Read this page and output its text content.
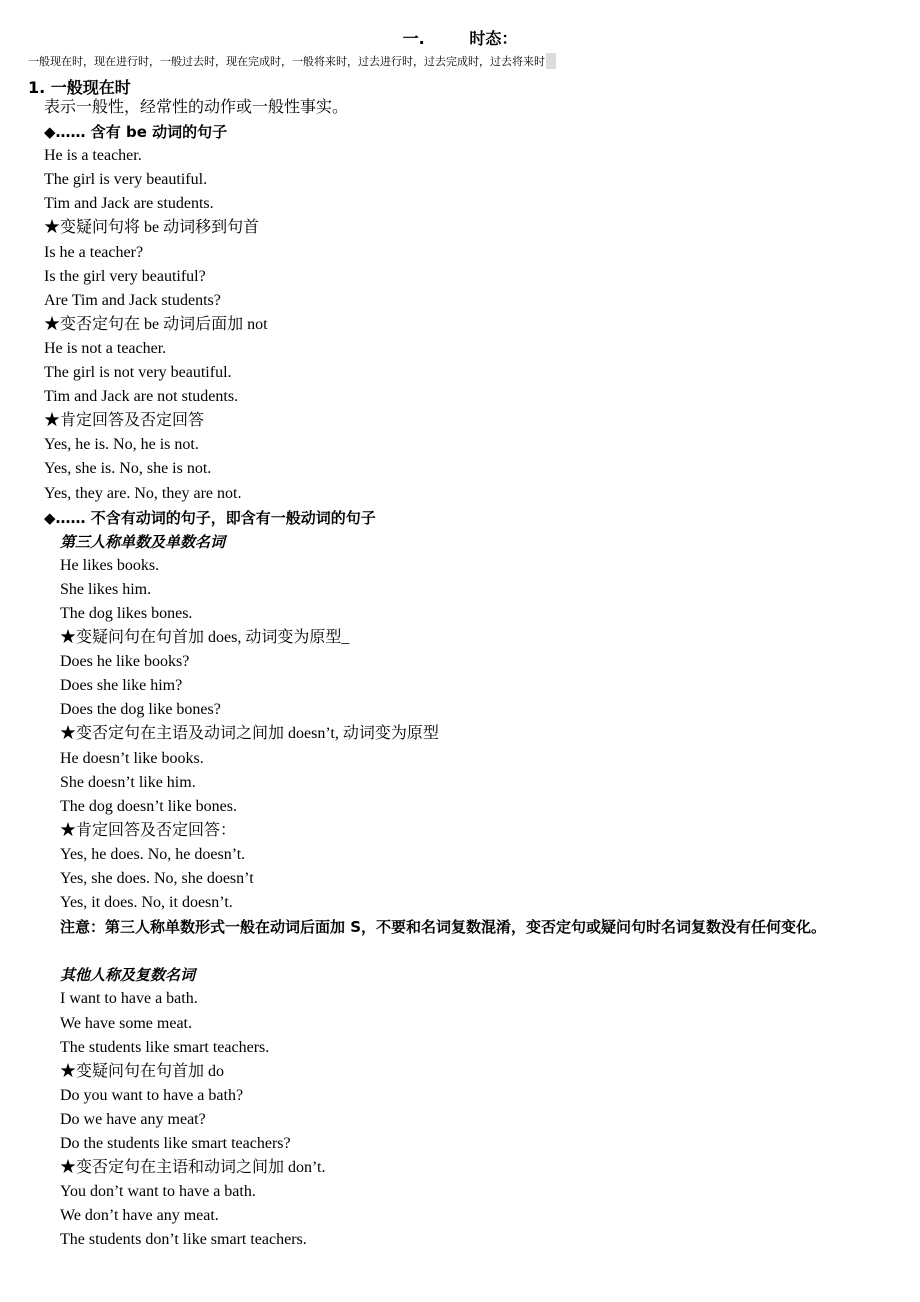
一.        时态：
一般现在时，现在进行时，一般过去时，现在完成时，一般将来时，过去进行时，过去完成时，过去将来时
1. 一般现在时
表示一般性，经常性的动作或一般性事实。
◆…… 含有 be 动词的句子
He is a teacher.
The girl is very beautiful.
Tim and Jack are students.
★变疑问句将 be 动词移到句首
Is he a teacher?
Is the girl very beautiful?
Are Tim and Jack students?
★变否定句在 be 动词后面加 not
He is not a teacher.
The girl is not very beautiful.
Tim and Jack are not students.
★肯定回答及否定回答
Yes, he is. No, he is not.
Yes, she is. No, she is not.
Yes, they are. No, they are not.
◆…… 不含有动词的句子，即含有一般动词的句子
第三人称单数及单数名词
He likes books.
She likes him.
The dog likes bones.
★变疑问句在句首加 does, 动词变为原型_
Does he like books?
Does she like him?
Does the dog like bones?
★变否定句在主语及动词之间加 doesn’t, 动词变为原型
He doesn’t like books.
She doesn’t like him.
The dog doesn’t like bones.
★肯定回答及否定回答：
Yes, he does. No, he doesn’t.
Yes, she does. No, she doesn’t
Yes, it does. No, it doesn’t.
注意：第三人称单数形式一般在动词后面加 S，不要和名词复数混淆，变否定句或疑问句时名词复数没有任何变化。
其他人称及复数名词
I want to have a bath.
We have some meat.
The students like smart teachers.
★变疑问句在句首加 do
Do you want to have a bath?
Do we have any meat?
Do the students like smart teachers?
★变否定句在主语和动词之间加 don’t.
You don’t want to have a bath.
We don’t have any meat.
The students don’t like smart teachers.
